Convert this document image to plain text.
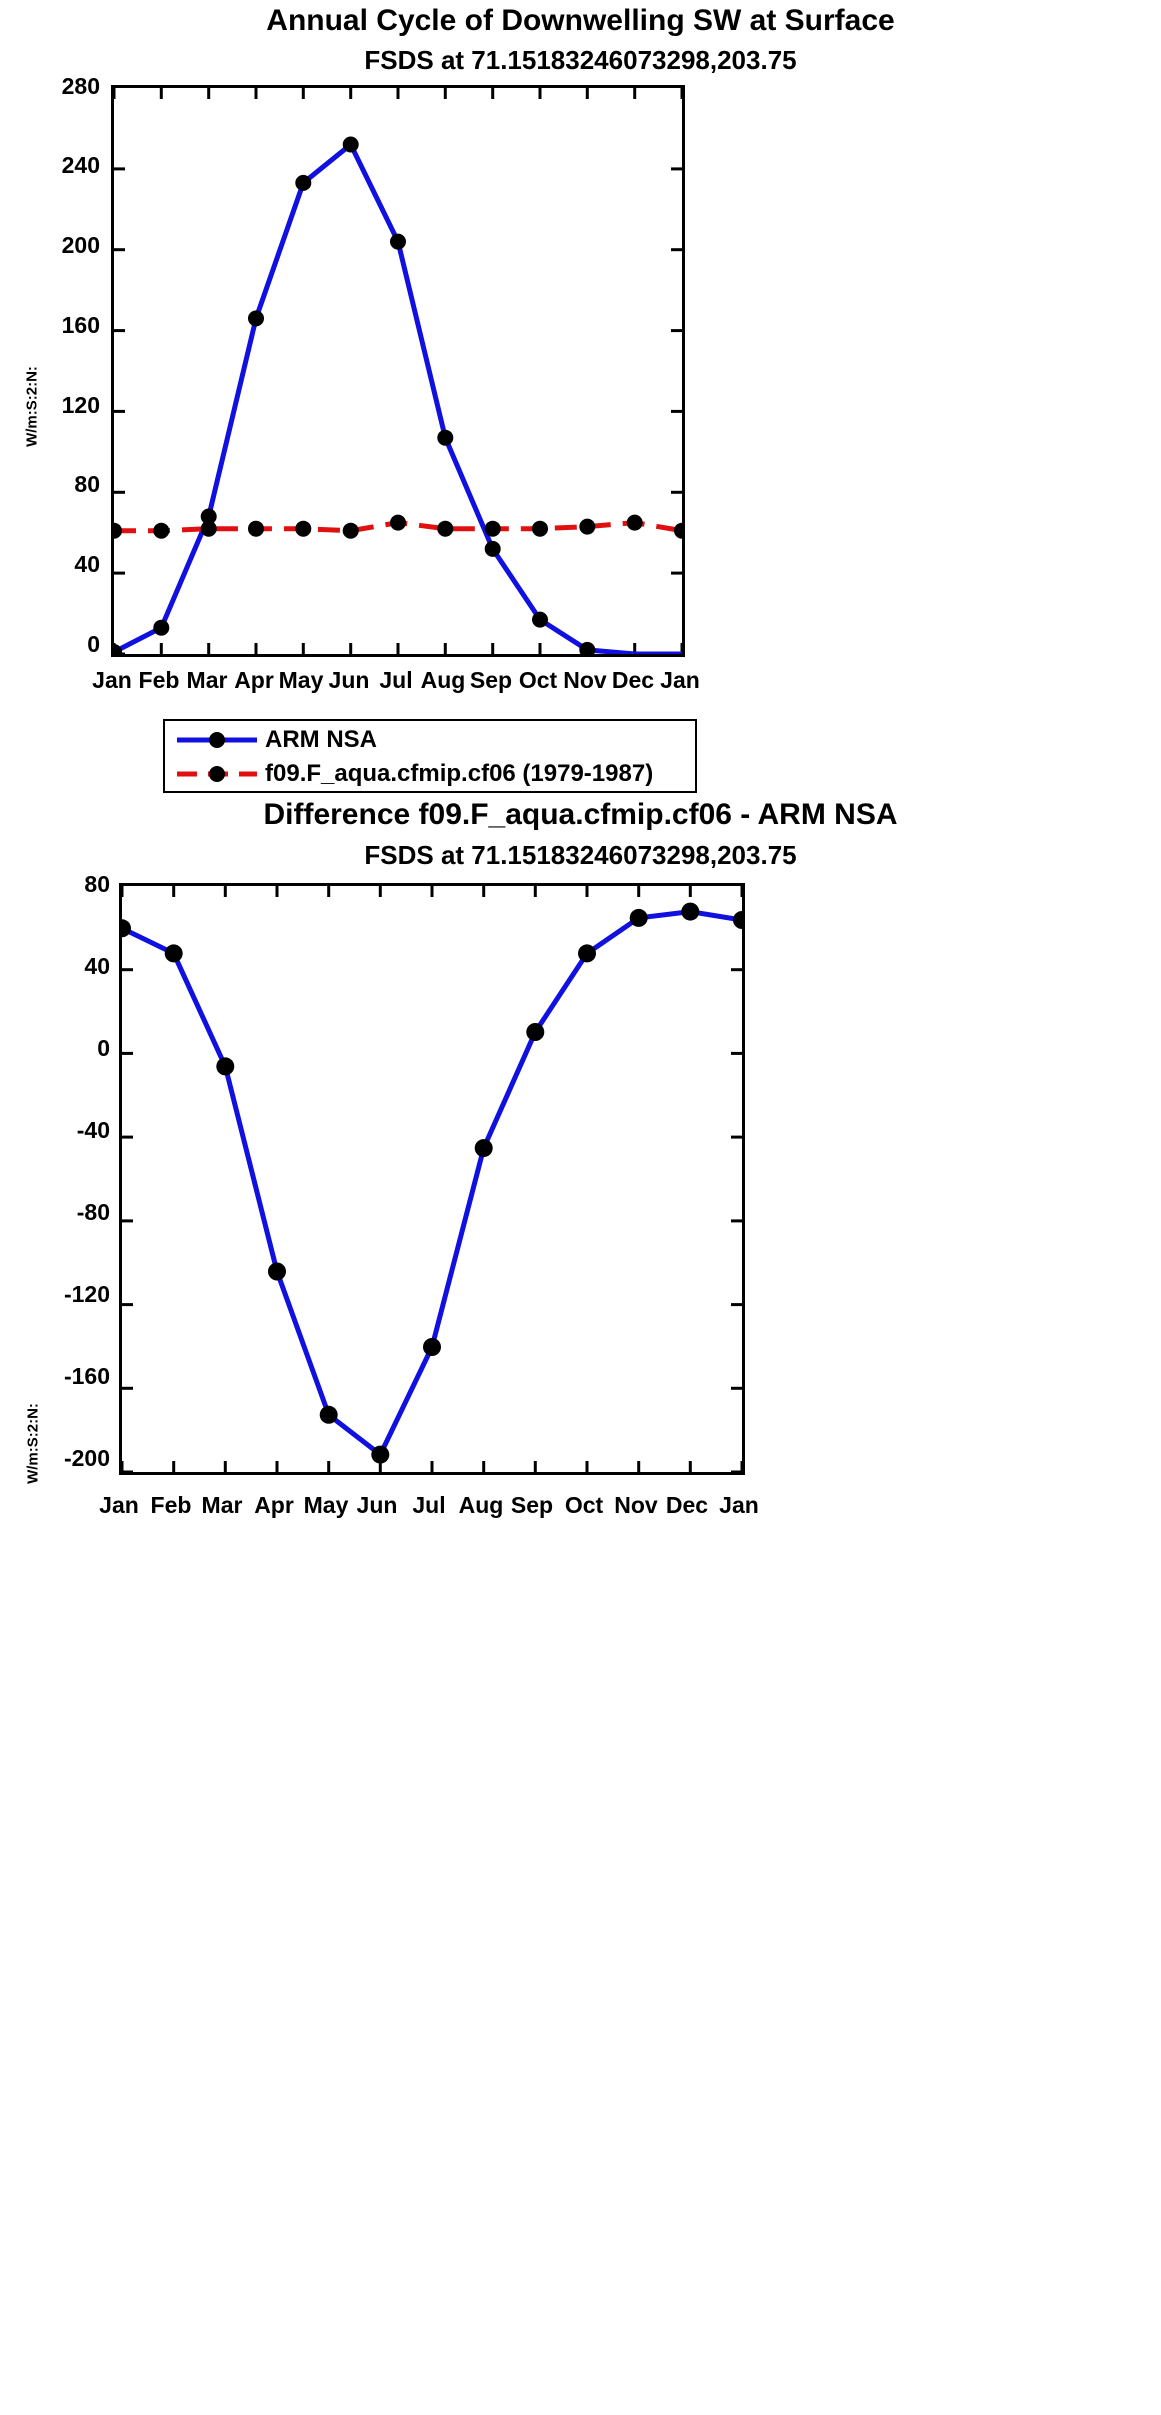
Annual Cycle of Downwelling SW at Surface
FSDS at 71.15183246073298,203.75
W/m:S:2:N:
280
240
200
160
120
80
40
0
Jan Feb Mar Apr May Jun Jul Aug Sep Oct Nov Dec Jan
ARM NSA
f09.F_aqua.cfmip.cf06 (1979-1987)
Difference f09.F_aqua.cfmip.cf06 - ARM NSA
FSDS at 71.15183246073298,203.75
W/m:S:2:N:
80
40
0
-40
-80
-120
-160
-200
Jan Feb Mar Apr May Jun Jul Aug Sep Oct Nov Dec Jan
